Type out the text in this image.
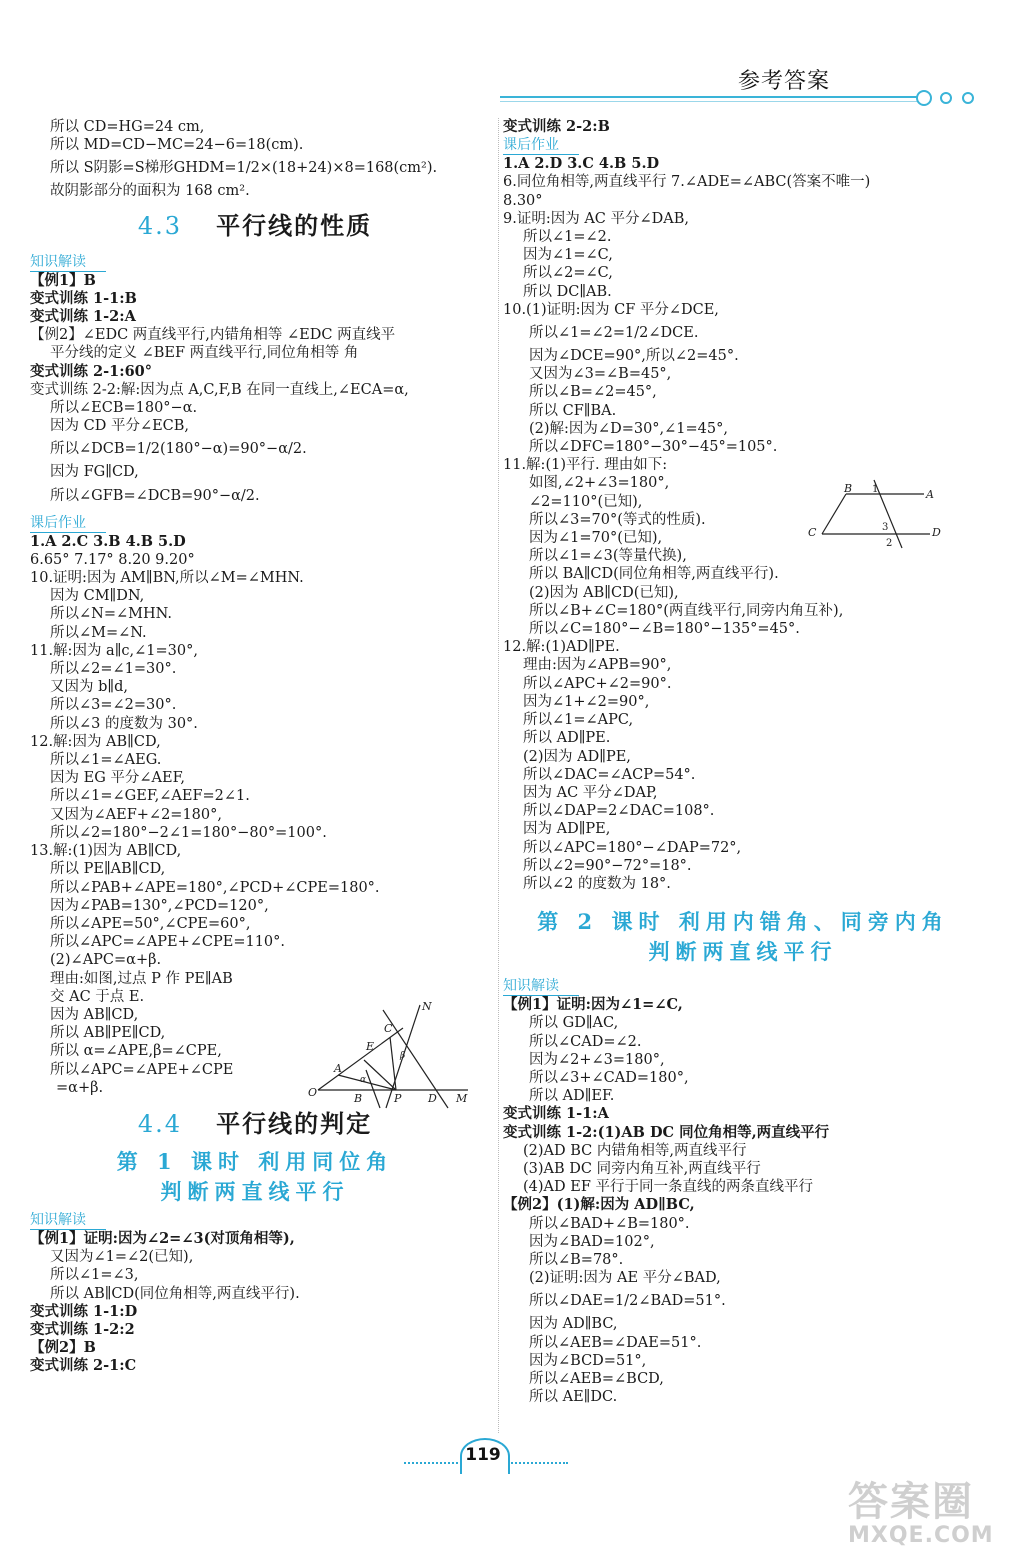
参考答案
所以 CD=HG=24 cm,
所以 MD=CD−MC=24−6=18(cm).
所以 S阴影=S梯形GHDM=1/2×(18+24)×8=168(cm²).
故阴影部分的面积为 168 cm².
4.3 平行线的性质
知识解读
【例1】B
变式训练 1-1:B
变式训练 1-2:A
【例2】∠EDC 两直线平行,内错角相等 ∠EDC 两直线平
平分线的定义 ∠BEF 两直线平行,同位角相等 角
变式训练 2-1:60°
变式训练 2-2:解:因为点 A,C,F,B 在同一直线上,∠ECA=α,
所以∠ECB=180°−α.
因为 CD 平分∠ECB,
所以∠DCB=1/2(180°−α)=90°−α/2.
因为 FG∥CD,
所以∠GFB=∠DCB=90°−α/2.
课后作业
1.A 2.C 3.B 4.B 5.D
6.65° 7.17° 8.20 9.20°
10.证明:因为 AM∥BN,所以∠M=∠MHN.
因为 CM∥DN,
所以∠N=∠MHN.
所以∠M=∠N.
11.解:因为 a∥c,∠1=30°,
所以∠2=∠1=30°.
又因为 b∥d,
所以∠3=∠2=30°.
所以∠3 的度数为 30°.
12.解:因为 AB∥CD,
所以∠1=∠AEG.
因为 EG 平分∠AEF,
所以∠1=∠GEF,∠AEF=2∠1.
又因为∠AEF+∠2=180°,
所以∠2=180°−2∠1=180°−80°=100°.
13.解:(1)因为 AB∥CD,
所以 PE∥AB∥CD,
所以∠PAB+∠APE=180°,∠PCD+∠CPE=180°.
因为∠PAB=130°,∠PCD=120°,
所以∠APE=50°,∠CPE=60°,
所以∠APC=∠APE+∠CPE=110°.
(2)∠APC=α+β.
理由:如图,过点 P 作 PE∥AB
交 AC 于点 E.
因为 AB∥CD,
所以 AB∥PE∥CD,
所以 α=∠APE,β=∠CPE,
所以∠APC=∠APE+∠CPE
=α+β.
4.4 平行线的判定
第 1 课时 利用同位角
判断两直线平行
知识解读
【例1】证明:因为∠2=∠3(对顶角相等),
又因为∠1=∠2(已知),
所以∠1=∠3,
所以 AB∥CD(同位角相等,两直线平行).
变式训练 1-1:D
变式训练 1-2:2
【例2】B
变式训练 2-1:C
变式训练 2-2:B
课后作业
1.A 2.D 3.C 4.B 5.D
6.同位角相等,两直线平行 7.∠ADE=∠ABC(答案不唯一)
8.30°
9.证明:因为 AC 平分∠DAB,
所以∠1=∠2.
因为∠1=∠C,
所以∠2=∠C,
所以 DC∥AB.
10.(1)证明:因为 CF 平分∠DCE,
所以∠1=∠2=1/2∠DCE.
因为∠DCE=90°,所以∠2=45°.
又因为∠3=∠B=45°,
所以∠B=∠2=45°,
所以 CF∥BA.
(2)解:因为∠D=30°,∠1=45°,
所以∠DFC=180°−30°−45°=105°.
11.解:(1)平行. 理由如下:
如图,∠2+∠3=180°,
∠2=110°(已知),
所以∠3=70°(等式的性质).
因为∠1=70°(已知),
所以∠1=∠3(等量代换),
所以 BA∥CD(同位角相等,两直线平行).
(2)因为 AB∥CD(已知),
所以∠B+∠C=180°(两直线平行,同旁内角互补),
所以∠C=180°−∠B=180°−135°=45°.
12.解:(1)AD∥PE.
理由:因为∠APB=90°,
所以∠APC+∠2=90°.
因为∠1+∠2=90°,
所以∠1=∠APC,
所以 AD∥PE.
(2)因为 AD∥PE,
所以∠DAC=∠ACP=54°.
因为 AC 平分∠DAP,
所以∠DAP=2∠DAC=108°.
因为 AD∥PE,
所以∠APC=180°−∠DAP=72°,
所以∠2=90°−72°=18°.
所以∠2 的度数为 18°.
第 2 课时 利用内错角、同旁内角
判断两直线平行
知识解读
【例1】证明:因为∠1=∠C,
所以 GD∥AC,
所以∠CAD=∠2.
因为∠2+∠3=180°,
所以∠3+∠CAD=180°,
所以 AD∥EF.
变式训练 1-1:A
变式训练 1-2:(1)AB DC 同位角相等,两直线平行
(2)AD BC 内错角相等,两直线平行
(3)AB DC 同旁内角互补,两直线平行
(4)AD EF 平行于同一条直线的两条直线平行
【例2】(1)解:因为 AD∥BC,
所以∠BAD+∠B=180°.
因为∠BAD=102°,
所以∠B=78°.
(2)证明:因为 AE 平分∠BAD,
所以∠DAE=1/2∠BAD=51°.
因为 AD∥BC,
所以∠AEB=∠DAE=51°.
因为∠BCD=51°,
所以∠AEB=∠BCD,
所以 AE∥DC.
N
C
E
A
O	B	P D M
α
β
B	A
C	D
1
3
2
119
答案圈
MXQE.COM
